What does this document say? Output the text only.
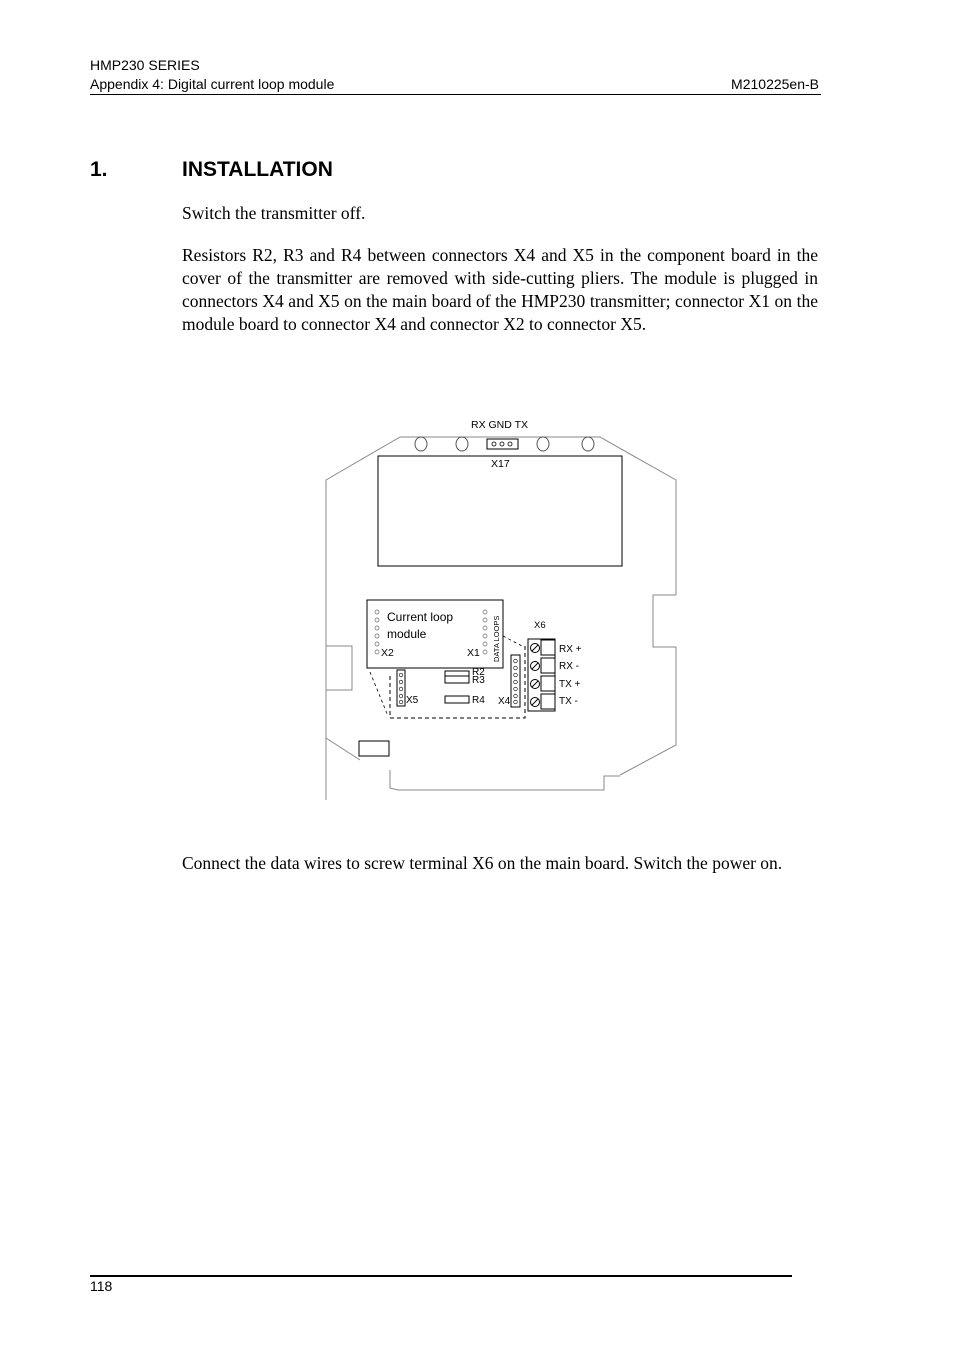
HMP230 SERIES
Appendix 4: Digital current loop module	M210225en-B
1.	INSTALLATION
Switch the transmitter off.
Resistors R2, R3 and R4 between connectors X4 and X5 in the component board in the cover of the transmitter are removed with side-cutting pliers. The module is plugged in connectors X4 and X5 on the main board of the HMP230 transmitter; connector X1 on the module board to connector X4 and connector X2 to connector X5.
RX GND TX
X17
Current loop
module
X2	X1 DATA LOOPS
R2
R3
R4
X5	X4
X6
RX +
RX -
TX +
TX -
Connect the data wires to screw terminal X6 on the main board. Switch the power on.
118
